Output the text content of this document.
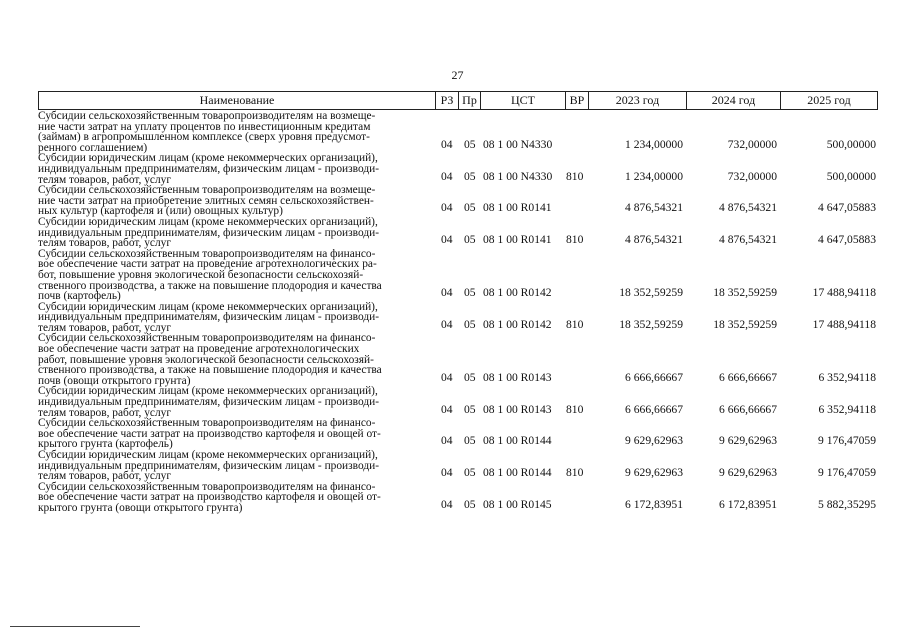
27
Наименование	РЗ Пр	ЦСТ	ВР	2023 год	2024 год	2025 год
Субсидии сельскохозяйственным товаропроизводителям на возмеще-
ние части затрат на уплату процентов по инвестиционным кредитам
(займам) в агропромышленном комплексе (сверх уровня предусмот-
ренного соглашением)	04 05 08 1 00 N4330	1 234,00000	732,00000	500,00000
Субсидии юридическим лицам (кроме некоммерческих организаций),
индивидуальным предпринимателям, физическим лицам - производи-
телям товаров, работ, услуг	04 05 08 1 00 N4330 810	1 234,00000	732,00000	500,00000
Субсидии сельскохозяйственным товаропроизводителям на возмеще-
ние части затрат на приобретение элитных семян сельскохозяйствен-
ных культур (картофеля и (или) овощных культур)	04 05 08 1 00 R0141	4 876,54321	4 876,54321	4 647,05883
Субсидии юридическим лицам (кроме некоммерческих организаций),
индивидуальным предпринимателям, физическим лицам - производи-
телям товаров, работ, услуг	04 05 08 1 00 R0141 810	4 876,54321	4 876,54321	4 647,05883
Субсидии сельскохозяйственным товаропроизводителям на финансо-
вое обеспечение части затрат на проведение агротехнологических ра-
бот, повышение уровня экологической безопасности сельскохозяй-
ственного производства, а также на повышение плодородия и качества
почв (картофель)	04 05 08 1 00 R0142	18 352,59259	18 352,59259	17 488,94118
Субсидии юридическим лицам (кроме некоммерческих организаций),
индивидуальным предпринимателям, физическим лицам - производи-
телям товаров, работ, услуг	04 05 08 1 00 R0142 810	18 352,59259	18 352,59259	17 488,94118
Субсидии сельскохозяйственным товаропроизводителям на финансо-
вое обеспечение части затрат на проведение агротехнологических
работ, повышение уровня экологической безопасности сельскохозяй-
ственного производства, а также на повышение плодородия и качества
почв (овощи открытого грунта)	04 05 08 1 00 R0143	6 666,66667	6 666,66667	6 352,94118
Субсидии юридическим лицам (кроме некоммерческих организаций),
индивидуальным предпринимателям, физическим лицам - производи-
телям товаров, работ, услуг	04 05 08 1 00 R0143 810	6 666,66667	6 666,66667	6 352,94118
Субсидии сельскохозяйственным товаропроизводителям на финансо-
вое обеспечение части затрат на производство картофеля и овощей от-
крытого грунта (картофель)	04 05 08 1 00 R0144	9 629,62963	9 629,62963	9 176,47059
Субсидии юридическим лицам (кроме некоммерческих организаций),
индивидуальным предпринимателям, физическим лицам - производи-
телям товаров, работ, услуг	04 05 08 1 00 R0144 810	9 629,62963	9 629,62963	9 176,47059
Субсидии сельскохозяйственным товаропроизводителям на финансо-
вое обеспечение части затрат на производство картофеля и овощей от-
крытого грунта (овощи открытого грунта)	04 05 08 1 00 R0145	6 172,83951	6 172,83951	5 882,35295
